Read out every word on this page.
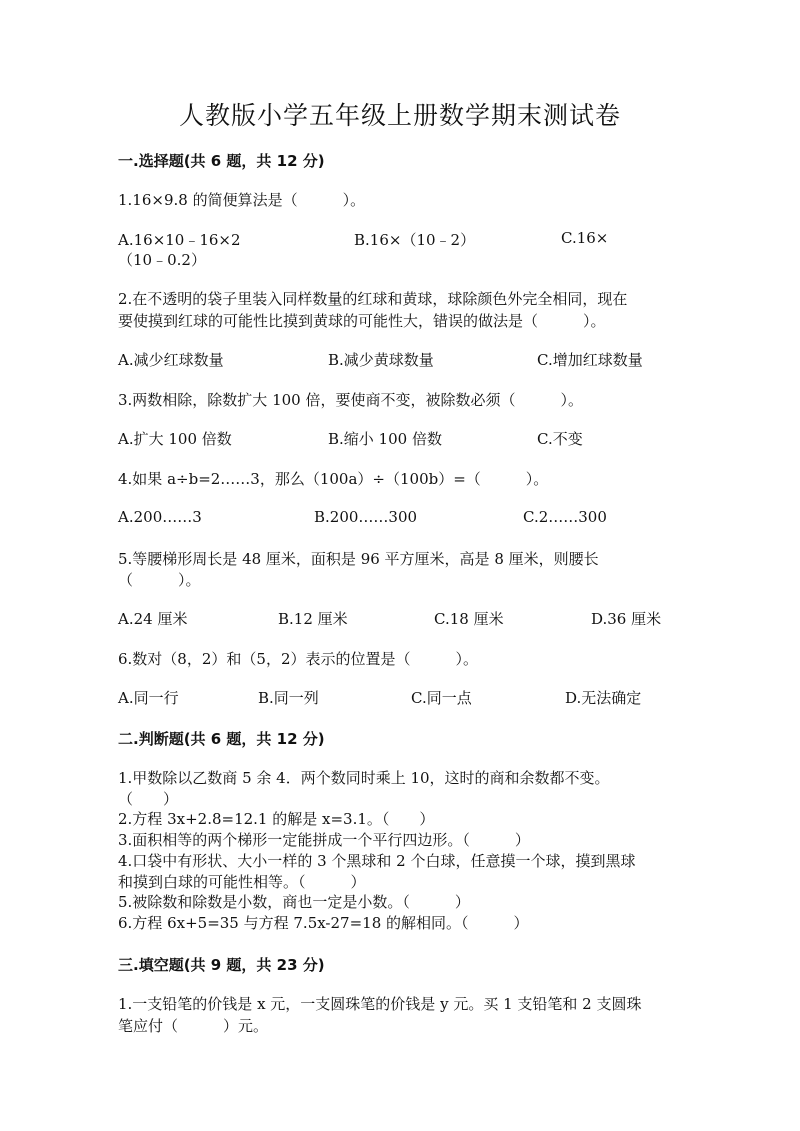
人教版小学五年级上册数学期末测试卷
一.选择题(共 6 题，共 12 分)
1.16×9.8 的简便算法是（　　　）。
A.16×10﹣16×2	B.16×（10﹣2）	C.16×
（10﹣0.2）
2.在不透明的袋子里装入同样数量的红球和黄球，球除颜色外完全相同，现在
要使摸到红球的可能性比摸到黄球的可能性大，错误的做法是（　　　）。
A.减少红球数量	B.减少黄球数量	C.增加红球数量
3.两数相除，除数扩大 100 倍，要使商不变，被除数必须（　　　）。
A.扩大 100 倍数	B.缩小 100 倍数	C.不变
4.如果 a÷b=2……3，那么（100a）÷（100b）=（　　　）。
A.200……3	B.200……300	C.2……300
5.等腰梯形周长是 48 厘米，面积是 96 平方厘米，高是 8 厘米，则腰长
（　　　）。
A.24 厘米	B.12 厘米	C.18 厘米	D.36 厘米
6.数对（8，2）和（5，2）表示的位置是（　　　）。
A.同一行	B.同一列	C.同一点	D.无法确定
二.判断题(共 6 题，共 12 分)
1.甲数除以乙数商 5 余 4．两个数同时乘上 10，这时的商和余数都不变。
（　　）
2.方程 3x+2.8=12.1 的解是 x=3.1。（　　）
3.面积相等的两个梯形一定能拼成一个平行四边形。（　　　）
4.口袋中有形状、大小一样的 3 个黑球和 2 个白球，任意摸一个球，摸到黑球
和摸到白球的可能性相等。（　　　）
5.被除数和除数是小数，商也一定是小数。（　　　）
6.方程 6x+5=35 与方程 7.5x-27=18 的解相同。（　　　）
三.填空题(共 9 题，共 23 分)
1.一支铅笔的价钱是 x 元，一支圆珠笔的价钱是 y 元。买 1 支铅笔和 2 支圆珠
笔应付（　　　）元。
